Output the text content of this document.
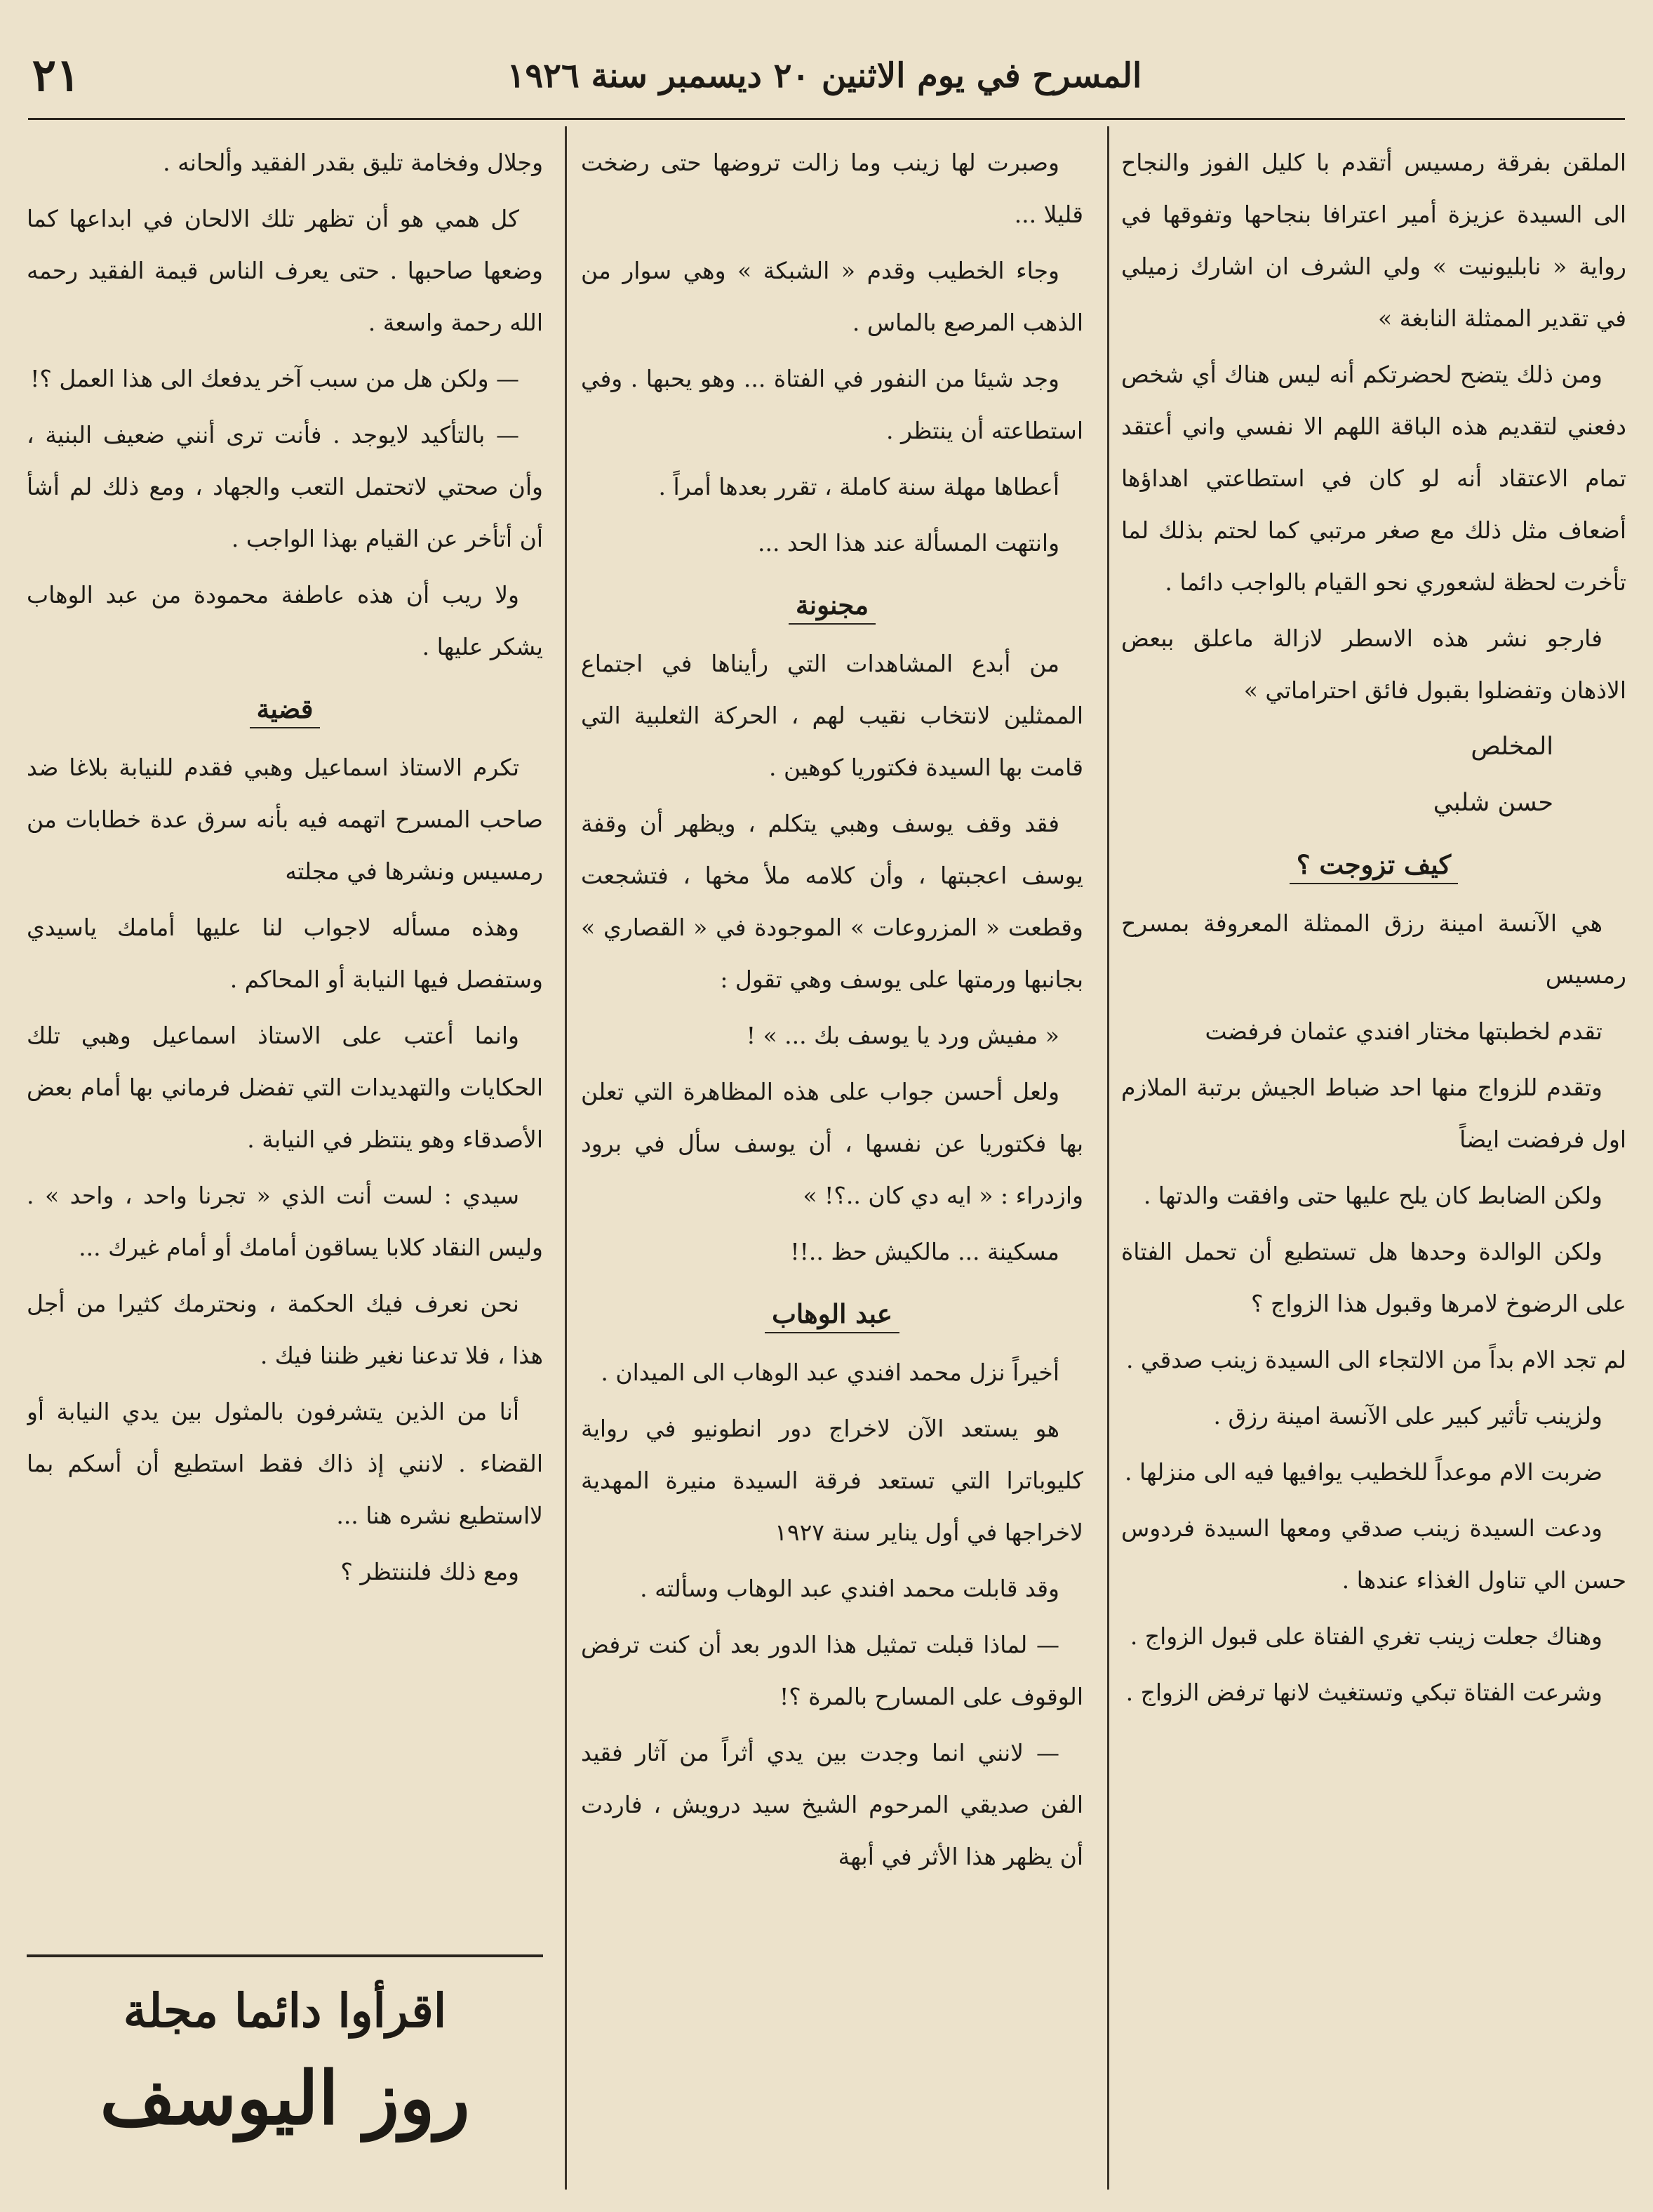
٢١	المسرح في يوم الاثنين ٢٠ ديسمبر سنة ١٩٢٦

الملقن بفرقة رمسيس أتقدم با كليل الفوز والنجاح الى السيدة عزيزة أمير اعترافا بنجاحها وتفوقها في رواية « نابليونيت » ولي الشرف ان اشارك زميلي في تقدير الممثلة النابغة »

ومن ذلك يتضح لحضرتكم أنه ليس هناك أي شخص دفعني لتقديم هذه الباقة اللهم الا نفسي واني أعتقد تمام الاعتقاد أنه لو كان في استطاعتي اهداؤها أضعاف مثل ذلك مع صغر مرتبي كما لحتم بذلك لما تأخرت لحظة لشعوري نحو القيام بالواجب دائما .

فارجو نشر هذه الاسطر لازالة ماعلق ببعض الاذهان وتفضلوا بقبول فائق احتراماتي »

المخلص

حسن شلبي

كيف تزوجت ؟

هي الآنسة امينة رزق الممثلة المعروفة بمسرح رمسيس

تقدم لخطبتها مختار افندي عثمان فرفضت

وتقدم للزواج منها احد ضباط الجيش برتبة الملازم اول فرفضت ايضاً

ولكن الضابط كان يلح عليها حتى وافقت والدتها .

ولكن الوالدة وحدها هل تستطيع أن تحمل الفتاة على الرضوخ لامرها وقبول هذا الزواج ؟

لم تجد الام بداً من الالتجاء الى السيدة زينب صدقي .

ولزينب تأثير كبير على الآنسة امينة رزق .

ضربت الام موعداً للخطيب يوافيها فيه الى منزلها .

ودعت السيدة زينب صدقي ومعها السيدة فردوس حسن الي تناول الغذاء عندها .

وهناك جعلت زينب تغري الفتاة على قبول الزواج .

وشرعت الفتاة تبكي وتستغيث لانها ترفض الزواج .

وصبرت لها زينب وما زالت تروضها حتى رضخت قليلا ...

وجاء الخطيب وقدم « الشبكة » وهي سوار من الذهب المرصع بالماس .

وجد شيئا من النفور في الفتاة ... وهو يحبها . وفي استطاعته أن ينتظر .

أعطاها مهلة سنة كاملة ، تقرر بعدها أمراً .

وانتهت المسألة عند هذا الحد ...

مجنونة

من أبدع المشاهدات التي رأيناها في اجتماع الممثلين لانتخاب نقيب لهم ، الحركة الثعلبية التي قامت بها السيدة فكتوريا كوهين .

فقد وقف يوسف وهبي يتكلم ، ويظهر أن وقفة يوسف اعجبتها ، وأن كلامه ملأ مخها ، فتشجعت وقطعت « المزروعات » الموجودة في « القصاري » بجانبها ورمتها على يوسف وهي تقول :

« مفيش ورد يا يوسف بك ... » !

ولعل أحسن جواب على هذه المظاهرة التي تعلن بها فكتوريا عن نفسها ، أن يوسف سأل في برود وازدراء : « ايه دي كان ..؟! »

مسكينة ... مالكيش حظ ..!!

عبد الوهاب

أخيراً نزل محمد افندي عبد الوهاب الى الميدان .

هو يستعد الآن لاخراج دور انطونيو في رواية كليوباترا التي تستعد فرقة السيدة منيرة المهدية لاخراجها في أول يناير سنة ١٩٢٧

وقد قابلت محمد افندي عبد الوهاب وسألته .

— لماذا قبلت تمثيل هذا الدور بعد أن كنت ترفض الوقوف على المسارح بالمرة ؟!

— لانني انما وجدت بين يدي أثراً من آثار فقيد الفن صديقي المرحوم الشيخ سيد درويش ، فاردت أن يظهر هذا الأثر في أبهة

وجلال وفخامة تليق بقدر الفقيد وألحانه .

كل همي هو أن تظهر تلك الالحان في ابداعها كما وضعها صاحبها . حتى يعرف الناس قيمة الفقيد رحمه الله رحمة واسعة .

— ولكن هل من سبب آخر يدفعك الى هذا العمل ؟!

— بالتأكيد لايوجد . فأنت ترى أنني ضعيف البنية ، وأن صحتي لاتحتمل التعب والجهاد ، ومع ذلك لم أشأ أن أتأخر عن القيام بهذا الواجب .

ولا ريب أن هذه عاطفة محمودة من عبد الوهاب يشكر عليها .

قضية

تكرم الاستاذ اسماعيل وهبي فقدم للنيابة بلاغا ضد صاحب المسرح اتهمه فيه بأنه سرق عدة خطابات من رمسيس ونشرها في مجلته

وهذه مسأله لاجواب لنا عليها أمامك ياسيدي وستفصل فيها النيابة أو المحاكم .

وانما أعتب على الاستاذ اسماعيل وهبي تلك الحكايات والتهديدات التي تفضل فرماني بها أمام بعض الأصدقاء وهو ينتظر في النيابة .

سيدي : لست أنت الذي « تجرنا واحد ، واحد » . وليس النقاد كلابا يساقون أمامك أو أمام غيرك ...

نحن نعرف فيك الحكمة ، ونحترمك كثيرا من أجل هذا ، فلا تدعنا نغير ظننا فيك .

أنا من الذين يتشرفون بالمثول بين يدي النيابة أو القضاء . لانني إذ ذاك فقط استطيع أن أسكم بما لااستطيع نشره هنا ...

ومع ذلك فلننتظر ؟

اقرأوا دائما مجلة
روز اليوسف
